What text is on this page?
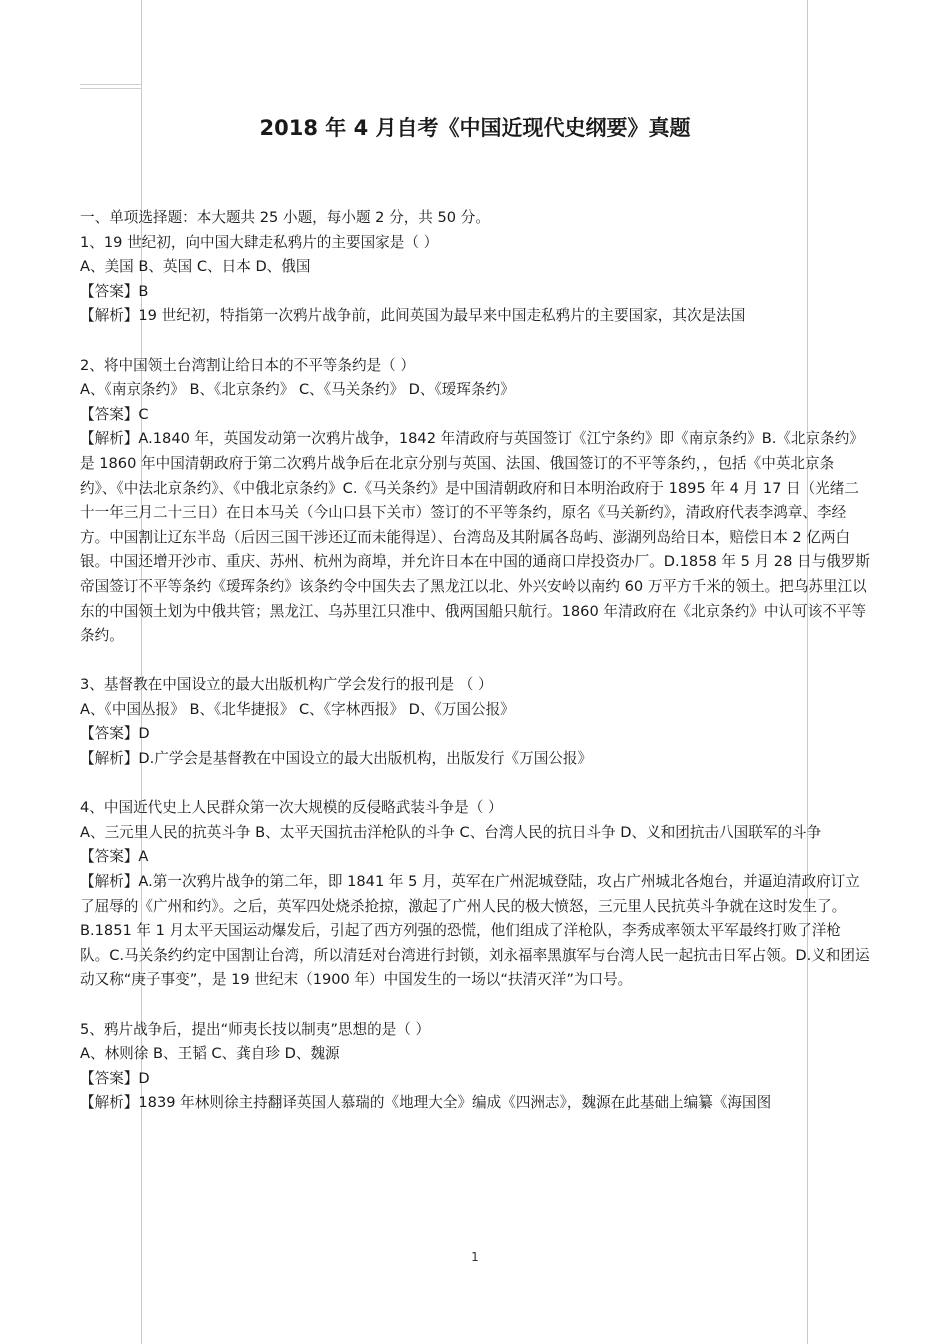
2018 年 4 月自考《中国近现代史纲要》真题

一、单项选择题：本大题共 25 小题，每小题 2 分，共 50 分。

1、19 世纪初，向中国大肆走私鸦片的主要国家是（ ）

A、美国 B、英国 C、日本 D、俄国

【答案】B

【解析】19 世纪初，特指第一次鸦片战争前，此间英国为最早来中国走私鸦片的主要国家，其次是法国

2、将中国领土台湾割让给日本的不平等条约是（ ）

A、《南京条约》 B、《北京条约》 C、《马关条约》 D、《瑷珲条约》

【答案】C

【解析】A.1840 年，英国发动第一次鸦片战争，1842 年清政府与英国签订《江宁条约》即《南京条约》B.《北京条约》是 1860 年中国清朝政府于第二次鸦片战争后在北京分别与英国、法国、俄国签订的不平等条约，，包括《中英北京条约》、《中法北京条约》、《中俄北京条约》C.《马关条约》是中国清朝政府和日本明治政府于 1895 年 4 月 17 日（光绪二十一年三月二十三日）在日本马关（今山口县下关市）签订的不平等条约，原名《马关新约》，清政府代表李鸿章、李经方。中国割让辽东半岛（后因三国干涉还辽而未能得逞）、台湾岛及其附属各岛屿、澎湖列岛给日本，赔偿日本 2 亿两白银。中国还增开沙市、重庆、苏州、杭州为商埠，并允许日本在中国的通商口岸投资办厂。D.1858 年 5 月 28 日与俄罗斯帝国签订不平等条约《瑷珲条约》该条约令中国失去了黑龙江以北、外兴安岭以南约 60 万平方千米的领土。把乌苏里江以东的中国领土划为中俄共管；黑龙江、乌苏里江只准中、俄两国船只航行。1860 年清政府在《北京条约》中认可该不平等条约。

3、基督教在中国设立的最大出版机构广学会发行的报刊是 （ ）

A、《中国丛报》 B、《北华捷报》 C、《字林西报》 D、《万国公报》

【答案】D

【解析】D.广学会是基督教在中国设立的最大出版机构，出版发行《万国公报》

4、中国近代史上人民群众第一次大规模的反侵略武装斗争是（ ）

A、三元里人民的抗英斗争 B、太平天国抗击洋枪队的斗争 C、台湾人民的抗日斗争 D、义和团抗击八国联军的斗争

【答案】A

【解析】A.第一次鸦片战争的第二年，即 1841 年 5 月，英军在广州泥城登陆，攻占广州城北各炮台，并逼迫清政府订立了屈辱的《广州和约》。之后，英军四处烧杀抢掠，激起了广州人民的极大愤怒，三元里人民抗英斗争就在这时发生了。B.1851 年 1 月太平天国运动爆发后，引起了西方列强的恐慌，他们组成了洋枪队，李秀成率领太平军最终打败了洋枪队。C.马关条约约定中国割让台湾，所以清廷对台湾进行封锁，刘永福率黑旗军与台湾人民一起抗击日军占领。D.义和团运动又称“庚子事变”，是 19 世纪末（1900 年）中国发生的一场以“扶清灭洋”为口号。

5、鸦片战争后，提出“师夷长技以制夷”思想的是（ ）

A、林则徐 B、王韬 C、龚自珍 D、魏源

【答案】D

【解析】1839 年林则徐主持翻译英国人慕瑞的《地理大全》编成《四洲志》，魏源在此基础上编纂《海国图

1
